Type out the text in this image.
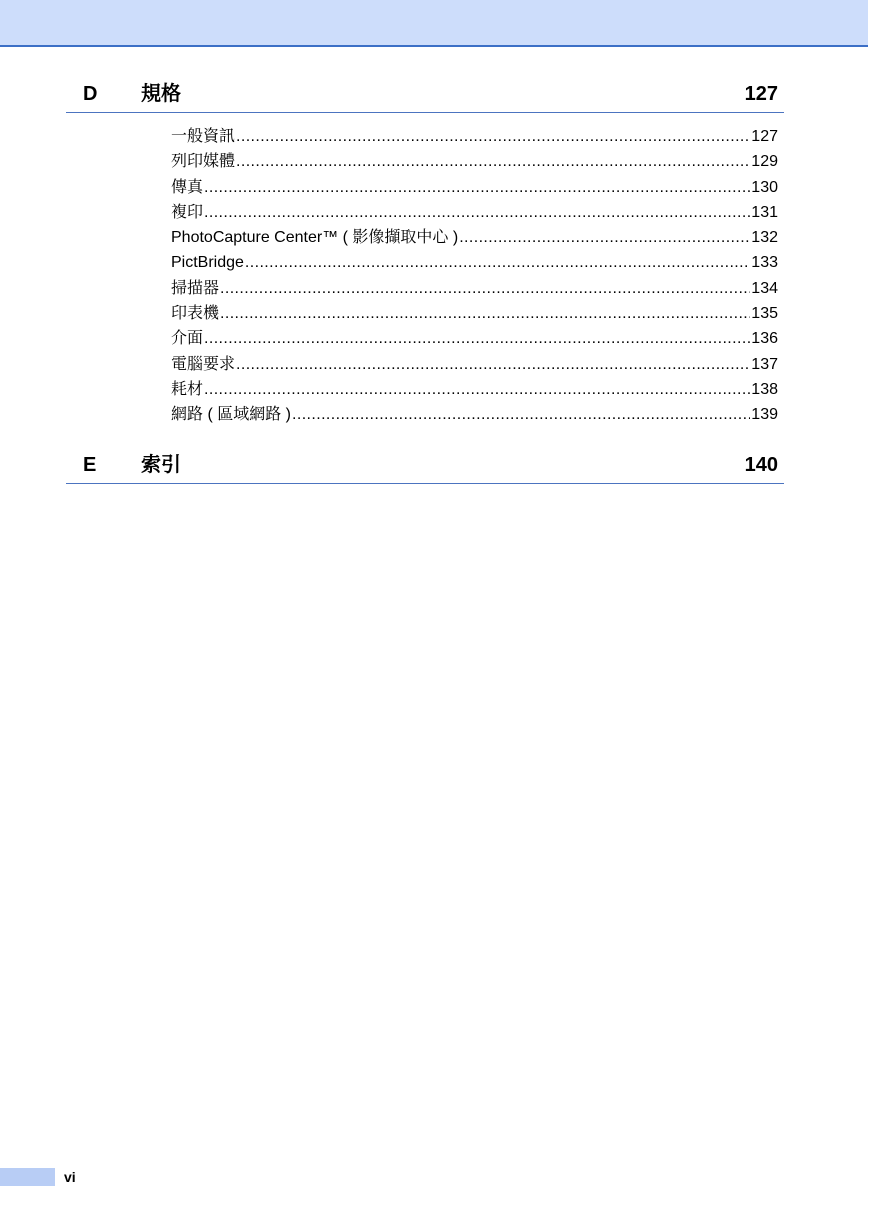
D 規格	127
一般資訊 .....	127
列印媒體 .....	129
傳真 .....	130
複印 .....	131
PhotoCapture Center™ ( 影像擷取中心 ) .....	132
PictBridge .....	133
掃描器 .....	134
印表機 .....	135
介面 .....	136
電腦要求 .....	137
耗材 .....	138
網路 ( 區域網路 ) .....	139
E 索引	140
vi
